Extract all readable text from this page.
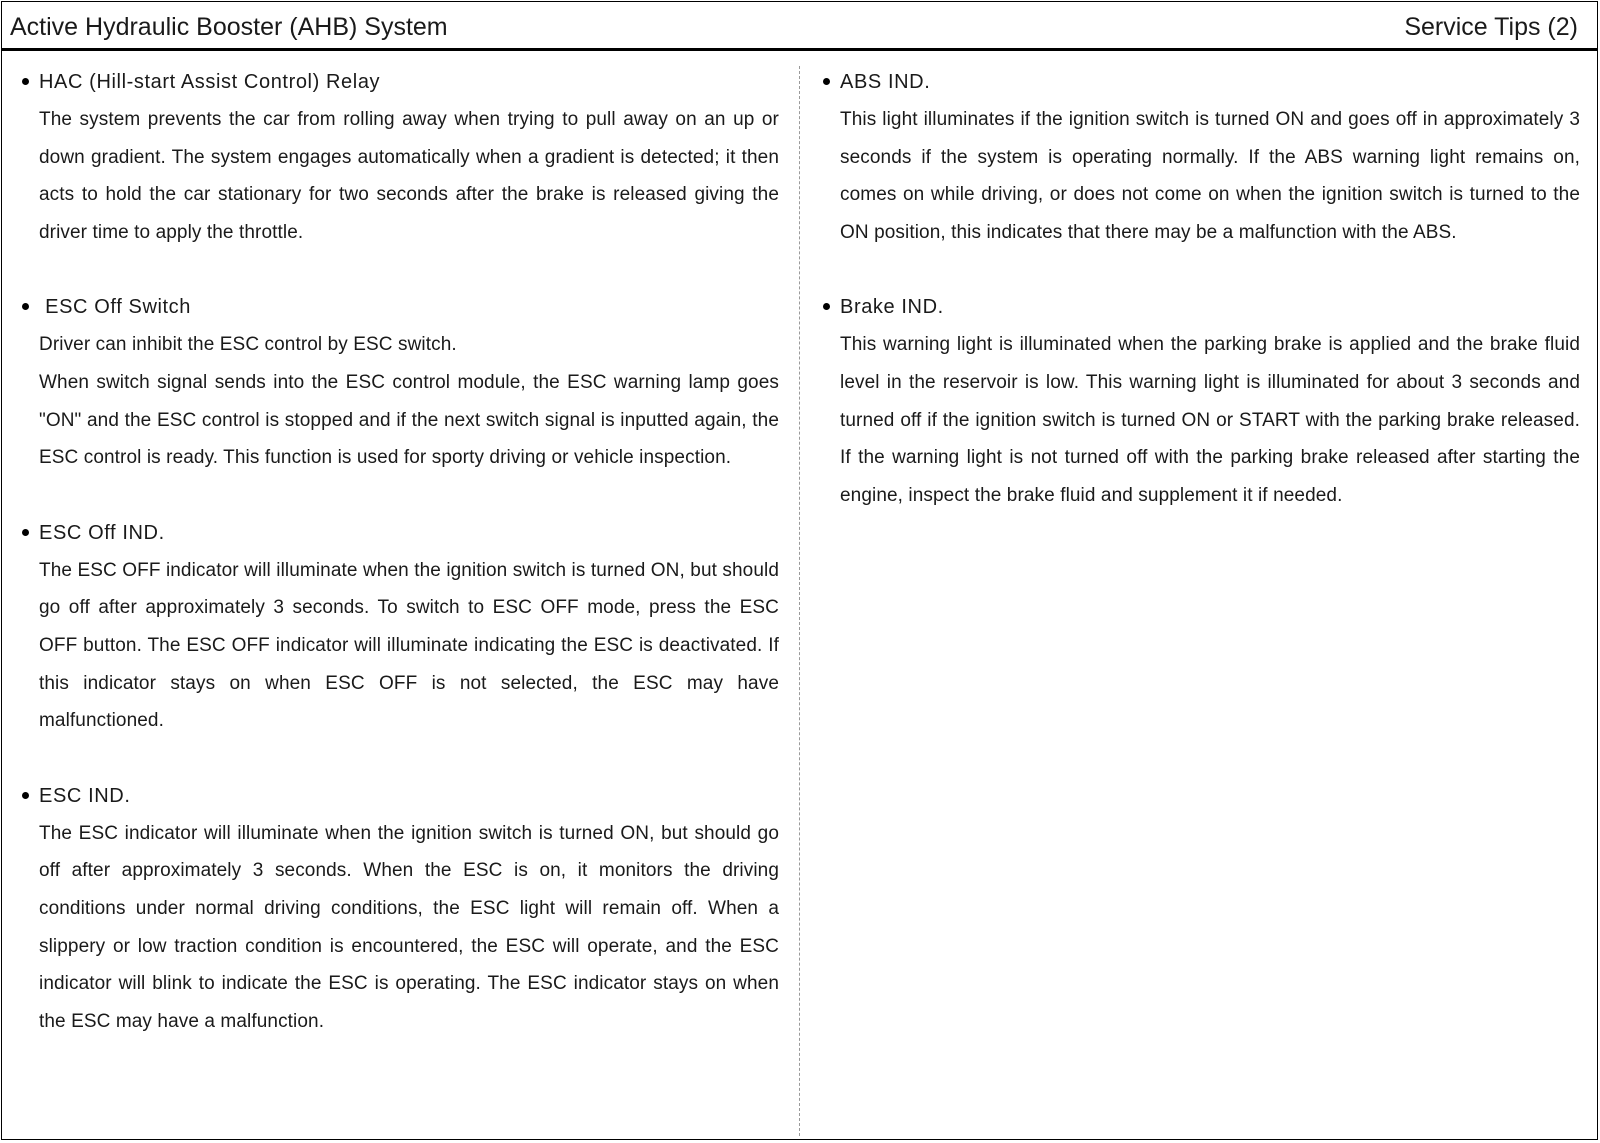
Active Hydraulic Booster (AHB) System	Service Tips (2)
HAC (Hill-start Assist Control) Relay

The system prevents the car from rolling away when trying to pull away on an up or down gradient. The system engages automatically when a gradient is detected; it then acts to hold the car stationary for two seconds after the brake is released giving the driver time to apply the throttle.

ESC Off Switch

Driver can inhibit the ESC control by ESC switch.

When switch signal sends into the ESC control module, the ESC warning lamp goes "ON" and the ESC control is stopped and if the next switch signal is inputted again, the ESC control is ready. This function is used for sporty driving or vehicle inspection.

ESC Off IND.

The ESC OFF indicator will illuminate when the ignition switch is turned ON, but should go off after approximately 3 seconds. To switch to ESC OFF mode, press the ESC OFF button. The ESC OFF indicator will illuminate indicating the ESC is deactivated. If this indicator stays on when ESC OFF is not selected, the ESC may have malfunctioned.

ESC IND.

The ESC indicator will illuminate when the ignition switch is turned ON, but should go off after approximately 3 seconds. When the ESC is on, it monitors the driving conditions under normal driving conditions, the ESC light will remain off. When a slippery or low traction condition is encountered, the ESC will operate, and the ESC indicator will blink to indicate the ESC is operating. The ESC indicator stays on when the ESC may have a malfunction.

ABS IND.

This light illuminates if the ignition switch is turned ON and goes off in approximately 3 seconds if the system is operating normally. If the ABS warning light remains on, comes on while driving, or does not come on when the ignition switch is turned to the ON position, this indicates that there may be a malfunction with the ABS.

Brake IND.

This warning light is illuminated when the parking brake is applied and the brake fluid level in the reservoir is low. This warning light is illuminated for about 3 seconds and turned off if the ignition switch is turned ON or START with the parking brake released. If the warning light is not turned off with the parking brake released after starting the engine, inspect the brake fluid and supplement it if needed.
